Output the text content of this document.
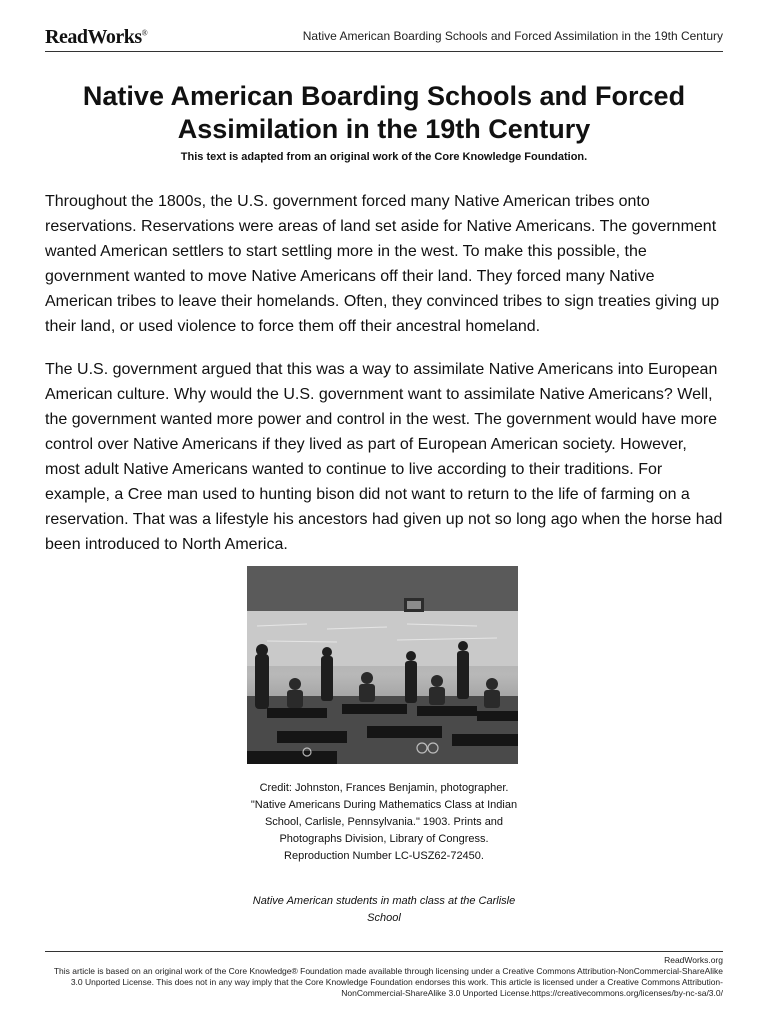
ReadWorks®	Native American Boarding Schools and Forced Assimilation in the 19th Century
Native American Boarding Schools and Forced
Assimilation in the 19th Century
This text is adapted from an original work of the Core Knowledge Foundation.

Throughout the 1800s, the U.S. government forced many Native American tribes onto reservations. Reservations were areas of land set aside for Native Americans. The government wanted American settlers to start settling more in the west. To make this possible, the government wanted to move Native Americans off their land. They forced many Native American tribes to leave their homelands. Often, they convinced tribes to sign treaties giving up their land, or used violence to force them off their ancestral homeland.

The U.S. government argued that this was a way to assimilate Native Americans into European American culture. Why would the U.S. government want to assimilate Native Americans? Well, the government wanted more power and control in the west. The government would have more control over Native Americans if they lived as part of European American society. However, most adult Native Americans wanted to continue to live according to their traditions. For example, a Cree man used to hunting bison did not want to return to the life of farming on a reservation. That was a lifestyle his ancestors had given up not so long ago when the horse had been introduced to North America.

Credit: Johnston, Frances Benjamin, photographer. "Native Americans During Mathematics Class at Indian School, Carlisle, Pennsylvania." 1903. Prints and Photographs Division, Library of Congress. Reproduction Number LC-USZ62-72450.
Native American students in math class at the Carlisle School
ReadWorks.org
This article is based on an original work of the Core Knowledge® Foundation made available through licensing under a Creative Commons Attribution-NonCommercial-ShareAlike 3.0 Unported License. This does not in any way imply that the Core Knowledge Foundation endorses this work. This article is licensed under a Creative Commons Attribution-NonCommercial-ShareAlike 3.0 Unported License.https://creativecommons.org/licenses/by-nc-sa/3.0/
